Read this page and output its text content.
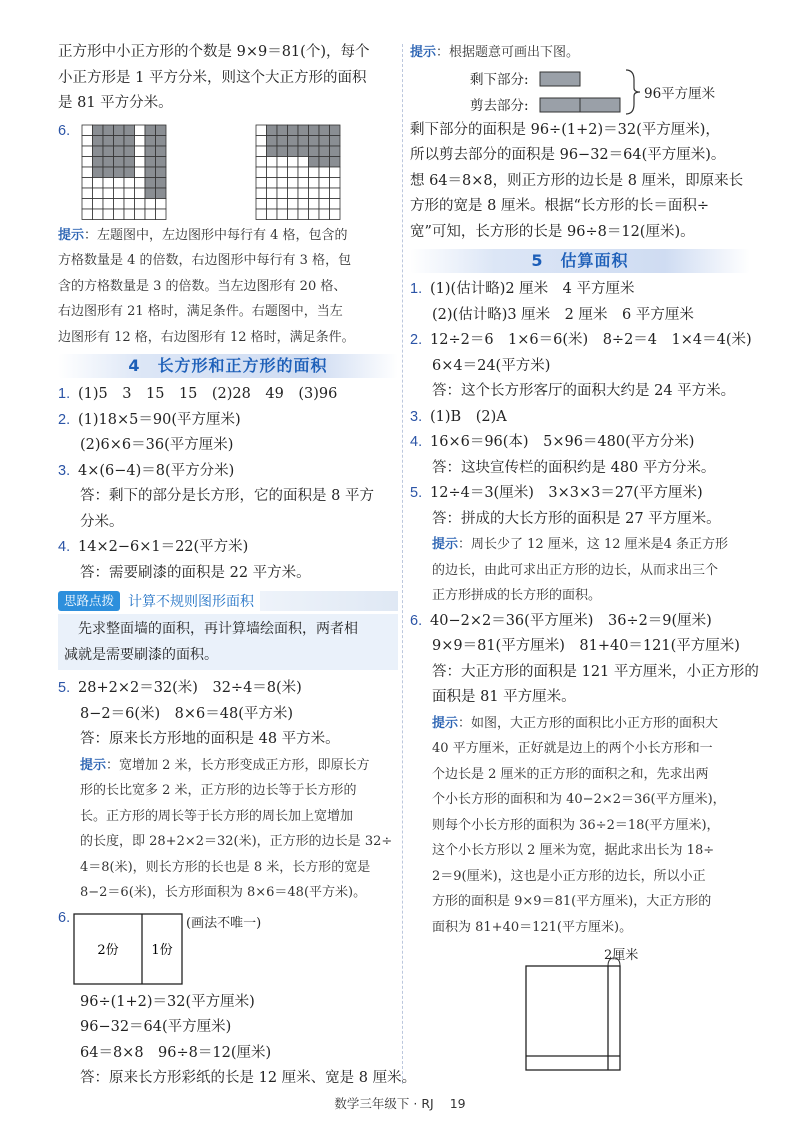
正方形中小正方形的个数是 9×9＝81(个)，每个
小正方形是 1 平方分米，则这个大正方形的面积
是 81 平方分米。
6.
提示：左题图中，左边图形中每行有 4 格，包含的
方格数量是 4 的倍数，右边图形中每行有 3 格，包
含的方格数量是 3 的倍数。当左边图形有 20 格、
右边图形有 21 格时，满足条件。右题图中，当左
边图形有 12 格，右边图形有 12 格时，满足条件。
4　长方形和正方形的面积
1. (1)5　3　15　15　(2)28　49　(3)96
2. (1)18×5＝90(平方厘米)
(2)6×6＝36(平方厘米)
3. 4×(6−4)＝8(平方分米)
答：剩下的部分是长方形，它的面积是 8 平方
分米。
4. 14×2−6×1＝22(平方米)
答：需要刷漆的面积是 22 平方米。
思路点拨	计算不规则图形面积
　先求整面墙的面积，再计算墙绘面积，两者相
减就是需要刷漆的面积。
5. 28+2×2＝32(米)　32÷4＝8(米)
8−2＝6(米)　8×6＝48(平方米)
答：原来长方形地的面积是 48 平方米。
提示：宽增加 2 米，长方形变成正方形，即原长方
形的长比宽多 2 米，正方形的边长等于长方形的
长。正方形的周长等于长方形的周长加上宽增加
的长度，即 28+2×2＝32(米)，正方形的边长是 32÷
4＝8(米)，则长方形的长也是 8 米，长方形的宽是
8−2＝6(米)，长方形面积为 8×6＝48(平方米)。
6.
2份	1份
(画法不唯一)
96÷(1+2)＝32(平方厘米)
96−32＝64(平方厘米)
64＝8×8　96÷8＝12(厘米)
答：原来长方形彩纸的长是 12 厘米、宽是 8 厘米。
提示：根据题意可画出下图。
剩下部分:
剪去部分:
96平方厘米
剩下部分的面积是 96÷(1+2)＝32(平方厘米)，
所以剪去部分的面积是 96−32＝64(平方厘米)。
想 64＝8×8，则正方形的边长是 8 厘米，即原来长
方形的宽是 8 厘米。根据“长方形的长＝面积÷
宽”可知，长方形的长是 96÷8＝12(厘米)。
5　估算面积
1. (1)(估计略)2 厘米　4 平方厘米
(2)(估计略)3 厘米　2 厘米　6 平方厘米
2. 12÷2＝6　1×6＝6(米)　8÷2＝4　1×4＝4(米)
6×4＝24(平方米)
答：这个长方形客厅的面积大约是 24 平方米。
3. (1)B　(2)A
4. 16×6＝96(本)　5×96＝480(平方分米)
答：这块宣传栏的面积约是 480 平方分米。
5. 12÷4＝3(厘米)　3×3×3＝27(平方厘米)
答：拼成的大长方形的面积是 27 平方厘米。
提示：周长少了 12 厘米，这 12 厘米是4 条正方形
的边长，由此可求出正方形的边长，从而求出三个
正方形拼成的长方形的面积。
6. 40−2×2＝36(平方厘米)　36÷2＝9(厘米)
9×9＝81(平方厘米)　81+40＝121(平方厘米)
答：大正方形的面积是 121 平方厘米，小正方形的
面积是 81 平方厘米。
提示：如图，大正方形的面积比小正方形的面积大
40 平方厘米，正好就是边上的两个小长方形和一
个边长是 2 厘米的正方形的面积之和，先求出两
个小长方形的面积和为 40−2×2＝36(平方厘米)，
则每个小长方形的面积为 36÷2＝18(平方厘米)，
这个小长方形以 2 厘米为宽，据此求出长为 18÷
2＝9(厘米)，这也是小正方形的边长，所以小正
方形的面积是 9×9＝81(平方厘米)，大正方形的
面积为 81+40＝121(平方厘米)。
2厘米
数学三年级下 · RJ 19
